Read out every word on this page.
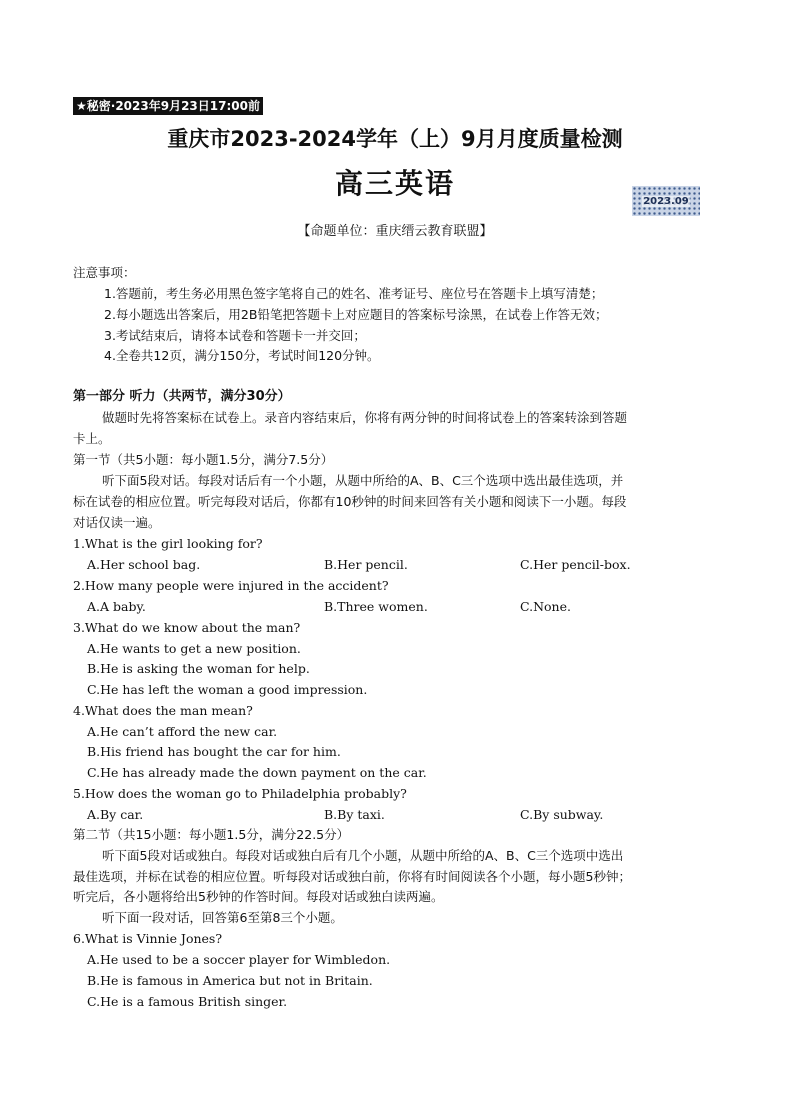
★秘密·2023年9月23日17:00前
重庆市2023-2024学年（上）9月月度质量检测
高三英语
2023.09
【命题单位：重庆缙云教育联盟】
注意事项：
1.答题前，考生务必用黑色签字笔将自己的姓名、准考证号、座位号在答题卡上填写清楚；
2.每小题选出答案后，用2B铅笔把答题卡上对应题目的答案标号涂黑，在试卷上作答无效；
3.考试结束后，请将本试卷和答题卡一并交回；
4.全卷共12页，满分150分，考试时间120分钟。
第一部分 听力（共两节，满分30分）
做题时先将答案标在试卷上。录音内容结束后，你将有两分钟的时间将试卷上的答案转涂到答题
卡上。
第一节（共5小题：每小题1.5分，满分7.5分）
听下面5段对话。每段对话后有一个小题，从题中所给的A、B、C三个选项中选出最佳选项，并
标在试卷的相应位置。听完每段对话后，你都有10秒钟的时间来回答有关小题和阅读下一小题。每段
对话仅读一遍。
1.What is the girl looking for?
A.Her school bag.	B.Her pencil.	C.Her pencil-box.
2.How many people were injured in the accident?
A.A baby.	B.Three women.	C.None.
3.What do we know about the man?
A.He wants to get a new position.
B.He is asking the woman for help.
C.He has left the woman a good impression.
4.What does the man mean?
A.He can’t afford the new car.
B.His friend has bought the car for him.
C.He has already made the down payment on the car.
5.How does the woman go to Philadelphia probably?
A.By car.	B.By taxi.	C.By subway.
第二节（共15小题：每小题1.5分，满分22.5分）
听下面5段对话或独白。每段对话或独白后有几个小题，从题中所给的A、B、C三个选项中选出
最佳选项，并标在试卷的相应位置。听每段对话或独白前，你将有时间阅读各个小题，每小题5秒钟；
听完后，各小题将给出5秒钟的作答时间。每段对话或独白读两遍。
听下面一段对话，回答第6至第8三个小题。
6.What is Vinnie Jones?
A.He used to be a soccer player for Wimbledon.
B.He is famous in America but not in Britain.
C.He is a famous British singer.
